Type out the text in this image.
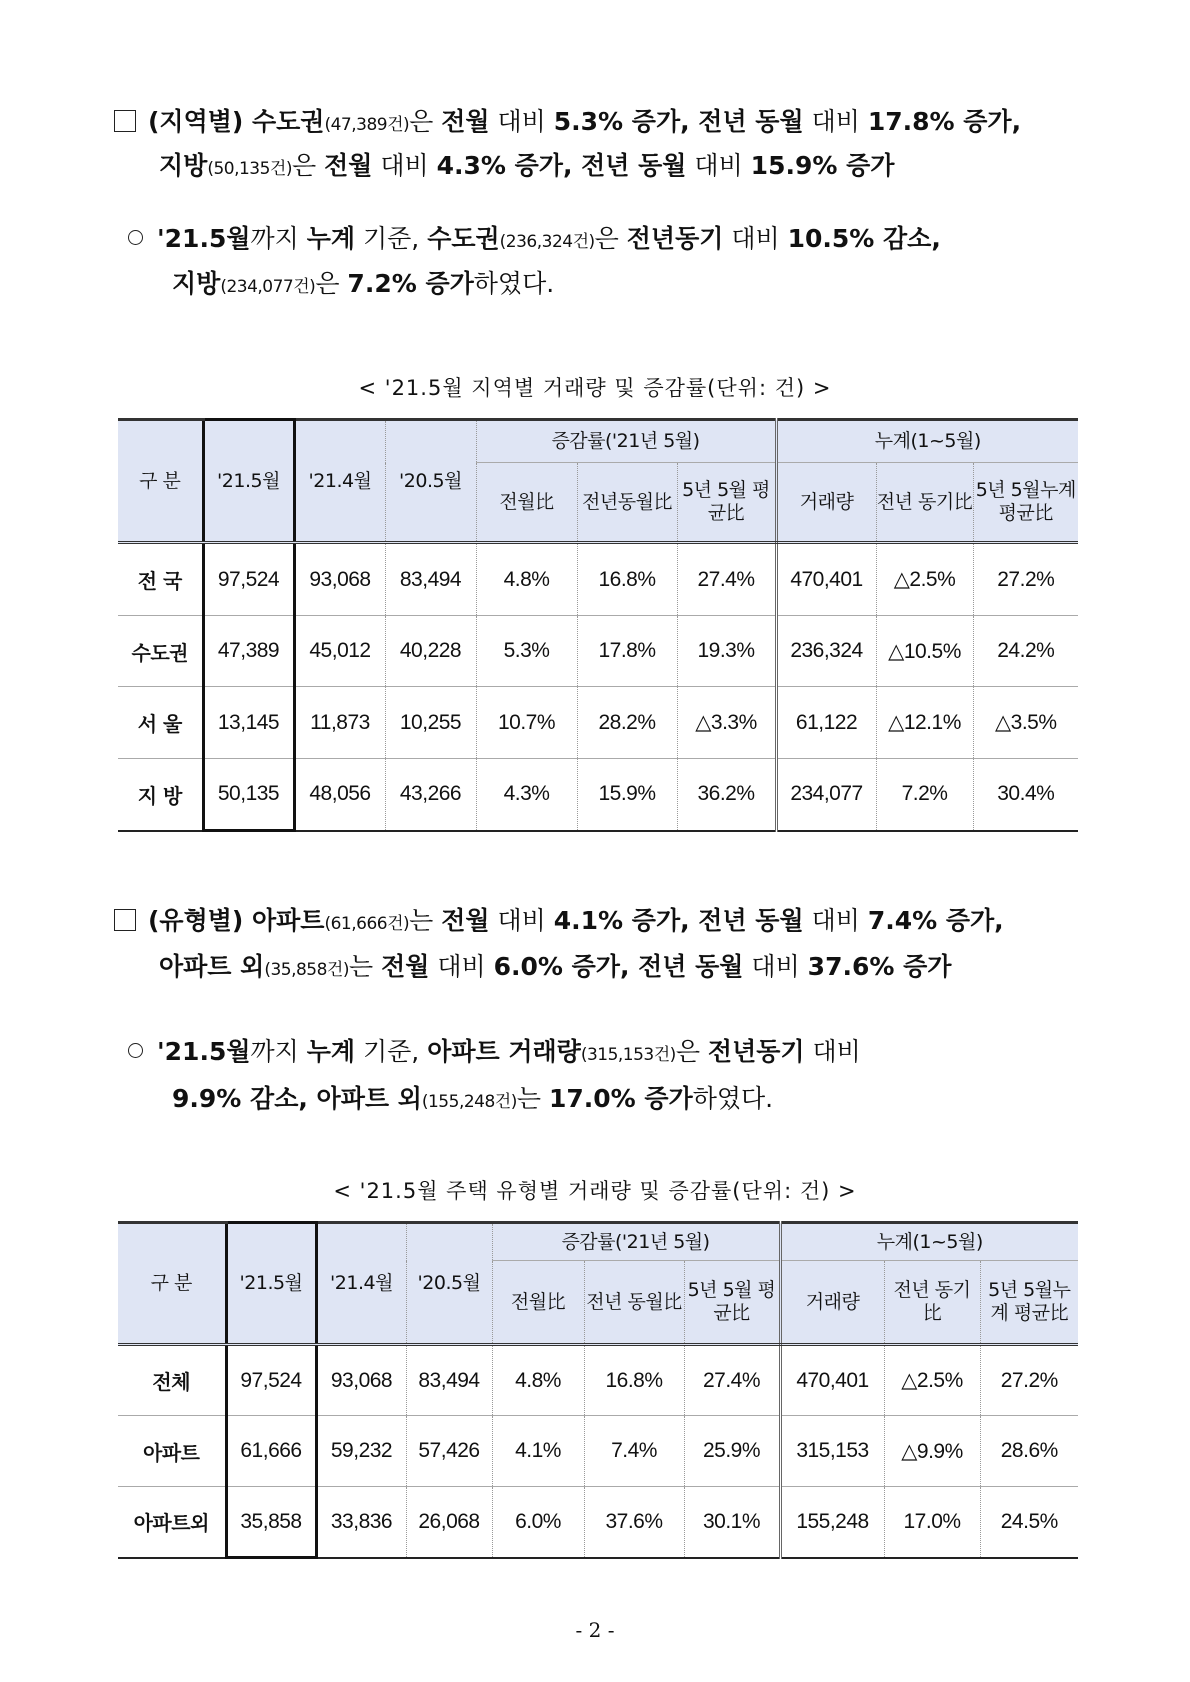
(지역별) 수도권(47,389건)은 전월 대비 5.3% 증가, 전년 동월 대비 17.8% 증가,
지방(50,135건)은 전월 대비 4.3% 증가, 전년 동월 대비 15.9% 증가
'21.5월까지 누계 기준, 수도권(236,324건)은 전년동기 대비 10.5% 감소,
지방(234,077건)은 7.2% 증가하였다.
< '21.5월 지역별 거래량 및 증감률(단위: 건) >
구 분	'21.5월	'21.4월	'20.5월	증감률('21년 5월)			누계(1~5월)		
				전월比	전년동월比	5년 5월 평균比	거래량	전년 동기比	5년 5월누계 평균比
전 국	97,524	93,068	83,494	4.8%	16.8%	27.4%	470,401	△2.5%	27.2%
수도권	47,389	45,012	40,228	5.3%	17.8%	19.3%	236,324	△10.5%	24.2%
서 울	13,145	11,873	10,255	10.7%	28.2%	△3.3%	61,122	△12.1%	△3.5%
지 방	50,135	48,056	43,266	4.3%	15.9%	36.2%	234,077	7.2%	30.4%
(유형별) 아파트(61,666건)는 전월 대비 4.1% 증가, 전년 동월 대비 7.4% 증가,
아파트 외(35,858건)는 전월 대비 6.0% 증가, 전년 동월 대비 37.6% 증가
'21.5월까지 누계 기준, 아파트 거래량(315,153건)은 전년동기 대비
9.9% 감소, 아파트 외(155,248건)는 17.0% 증가하였다.
< '21.5월 주택 유형별 거래량 및 증감률(단위: 건) >
구 분	'21.5월	'21.4월	'20.5월	증감률('21년 5월)			누계(1~5월)		
				전월比	전년 동월比	5년 5월 평균比	거래량	전년 동기比	5년 5월누계 평균比
전체	97,524	93,068	83,494	4.8%	16.8%	27.4%	470,401	△2.5%	27.2%
아파트	61,666	59,232	57,426	4.1%	7.4%	25.9%	315,153	△9.9%	28.6%
아파트외	35,858	33,836	26,068	6.0%	37.6%	30.1%	155,248	17.0%	24.5%
- 2 -
